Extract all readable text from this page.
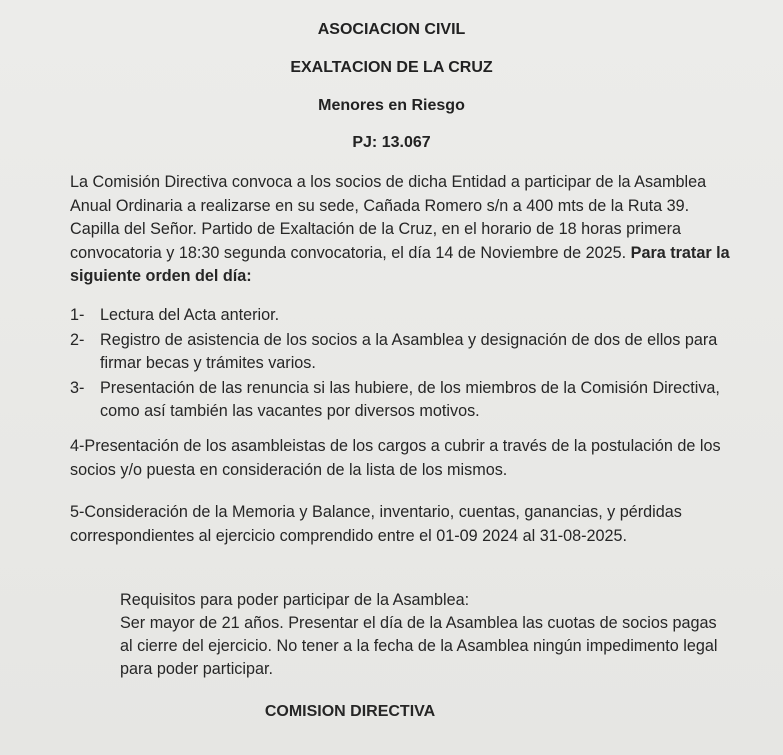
ASOCIACION CIVIL
EXALTACION DE LA CRUZ
Menores en Riesgo
PJ: 13.067
La Comisión Directiva convoca a los socios de dicha Entidad a participar de la Asamblea Anual Ordinaria a realizarse en su sede, Cañada Romero s/n a 400 mts de la Ruta 39. Capilla del Señor. Partido de Exaltación de la Cruz, en el horario de 18 horas primera convocatoria y 18:30 segunda convocatoria, el día 14 de Noviembre de 2025. Para tratar la siguiente orden del día:
1- Lectura del Acta anterior.
2- Registro de asistencia de los socios a la Asamblea y designación de dos de ellos para firmar becas y trámites varios.
3- Presentación de las renuncia si las hubiere, de los miembros de la Comisión Directiva, como así también las vacantes por diversos motivos.
4-Presentación de los asambleistas de los cargos a cubrir a través de la postulación de los socios y/o puesta en consideración de la lista de los mismos.
5-Consideración de la Memoria y Balance, inventario, cuentas, ganancias, y pérdidas correspondientes al ejercicio comprendido entre el 01-09 2024 al 31-08-2025.
Requisitos para poder participar de la Asamblea:
Ser mayor de 21 años. Presentar el día de la Asamblea las cuotas de socios pagas al cierre del ejercicio. No tener a la fecha de la Asamblea ningún impedimento legal para poder participar.
COMISION DIRECTIVA
